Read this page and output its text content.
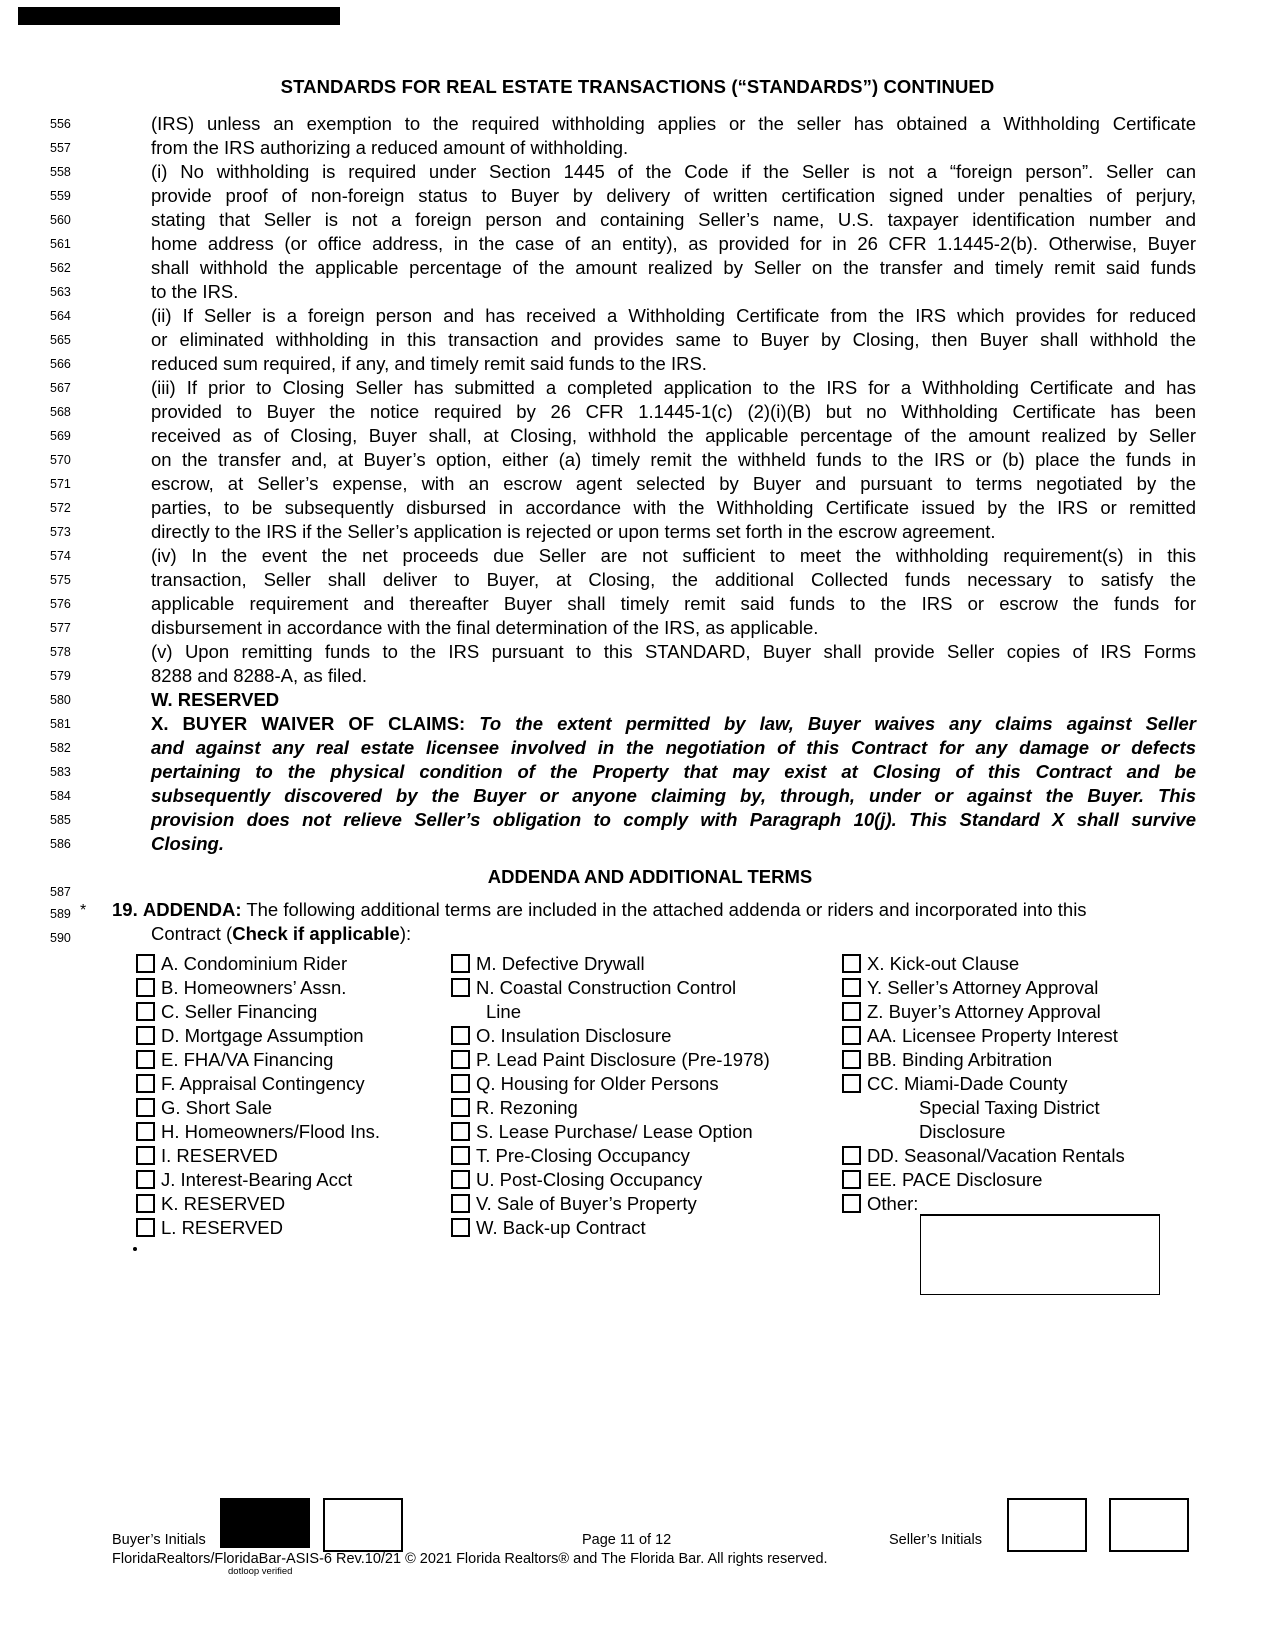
STANDARDS FOR REAL ESTATE TRANSACTIONS (“STANDARDS”) CONTINUED
556	(IRS) unless an exemption to the required withholding applies or the seller has obtained a Withholding Certificate
557	from the IRS authorizing a reduced amount of withholding.
558	(i) No withholding is required under Section 1445 of the Code if the Seller is not a “foreign person”. Seller can
559	provide proof of non-foreign status to Buyer by delivery of written certification signed under penalties of perjury,
560	stating that Seller is not a foreign person and containing Seller’s name, U.S. taxpayer identification number and
561	home address (or office address, in the case of an entity), as provided for in 26 CFR 1.1445-2(b). Otherwise, Buyer
562	shall withhold the applicable percentage of the amount realized by Seller on the transfer and timely remit said funds
563	to the IRS.
564	(ii) If Seller is a foreign person and has received a Withholding Certificate from the IRS which provides for reduced
565	or eliminated withholding in this transaction and provides same to Buyer by Closing, then Buyer shall withhold the
566	reduced sum required, if any, and timely remit said funds to the IRS.
567	(iii) If prior to Closing Seller has submitted a completed application to the IRS for a Withholding Certificate and has
568	provided to Buyer the notice required by 26 CFR 1.1445-1(c) (2)(i)(B) but no Withholding Certificate has been
569	received as of Closing, Buyer shall, at Closing, withhold the applicable percentage of the amount realized by Seller
570	on the transfer and, at Buyer’s option, either (a) timely remit the withheld funds to the IRS or (b) place the funds in
571	escrow, at Seller’s expense, with an escrow agent selected by Buyer and pursuant to terms negotiated by the
572	parties, to be subsequently disbursed in accordance with the Withholding Certificate issued by the IRS or remitted
573	directly to the IRS if the Seller’s application is rejected or upon terms set forth in the escrow agreement.
574	(iv) In the event the net proceeds due Seller are not sufficient to meet the withholding requirement(s) in this
575	transaction, Seller shall deliver to Buyer, at Closing, the additional Collected funds necessary to satisfy the
576	applicable requirement and thereafter Buyer shall timely remit said funds to the IRS or escrow the funds for
577	disbursement in accordance with the final determination of the IRS, as applicable.
578	(v) Upon remitting funds to the IRS pursuant to this STANDARD, Buyer shall provide Seller copies of IRS Forms
579	8288 and 8288-A, as filed.
580	W. RESERVED
581	X. BUYER WAIVER OF CLAIMS: To the extent permitted by law, Buyer waives any claims against Seller
582	and against any real estate licensee involved in the negotiation of this Contract for any damage or defects
583	pertaining to the physical condition of the Property that may exist at Closing of this Contract and be
584	subsequently discovered by the Buyer or anyone claiming by, through, under or against the Buyer. This
585	provision does not relieve Seller’s obligation to comply with Paragraph 10(j). This Standard X shall survive
586	Closing.
587
ADDENDA AND ADDITIONAL TERMS
589 * 19. ADDENDA: The following additional terms are included in the attached addenda or riders and incorporated into this
590	Contract (Check if applicable):
A. Condominium Rider
B. Homeowners’ Assn.
C. Seller Financing
D. Mortgage Assumption
E. FHA/VA Financing
F. Appraisal Contingency
G. Short Sale
H. Homeowners/Flood Ins.
I. RESERVED
J. Interest-Bearing Acct
K. RESERVED
L. RESERVED
M. Defective Drywall
N. Coastal Construction Control
Line
O. Insulation Disclosure
P. Lead Paint Disclosure (Pre-1978)
Q. Housing for Older Persons
R. Rezoning
S. Lease Purchase/ Lease Option
T. Pre-Closing Occupancy
U. Post-Closing Occupancy
V. Sale of Buyer’s Property
W. Back-up Contract
X. Kick-out Clause
Y. Seller’s Attorney Approval
Z. Buyer’s Attorney Approval
AA. Licensee Property Interest
BB. Binding Arbitration
CC. Miami-Dade County
Special Taxing District
Disclosure
DD. Seasonal/Vacation Rentals
EE. PACE Disclosure
Other:
Buyer’s Initials	Page 11 of 12	Seller’s Initials
FloridaRealtors/FloridaBar-ASIS-6 Rev.10/21 © 2021 Florida Realtors® and The Florida Bar. All rights reserved.
dotloop verified
